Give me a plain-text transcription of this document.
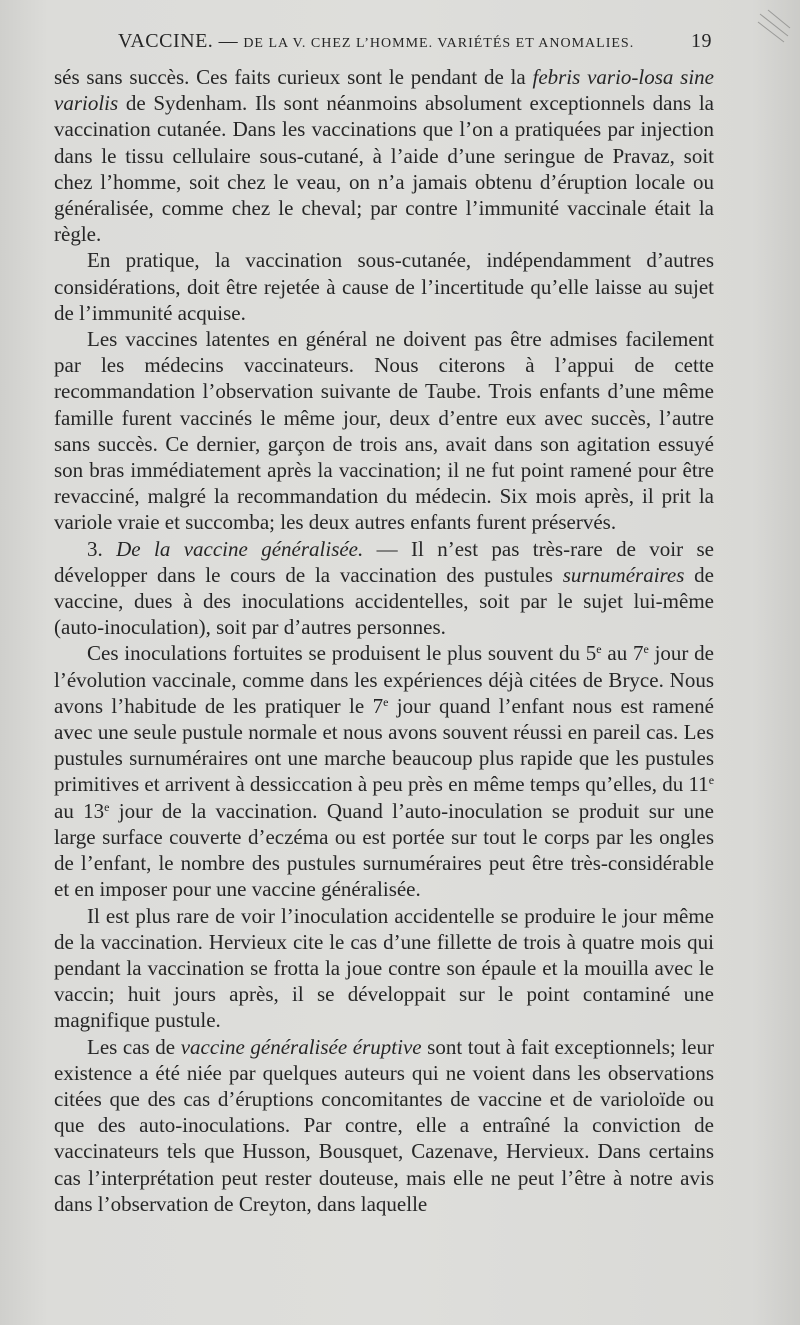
VACCINE. — DE LA V. CHEZ L’HOMME. VARIÉTÉS ET ANOMALIES.	19

sés sans succès. Ces faits curieux sont le pendant de la febris vario-losa sine variolis de Sydenham. Ils sont néanmoins absolument exceptionnels dans la vaccination cutanée. Dans les vaccinations que l’on a pratiquées par injection dans le tissu cellulaire sous-cutané, à l’aide d’une seringue de Pravaz, soit chez l’homme, soit chez le veau, on n’a jamais obtenu d’éruption locale ou généralisée, comme chez le cheval; par contre l’immunité vaccinale était la règle.

En pratique, la vaccination sous-cutanée, indépendamment d’autres considérations, doit être rejetée à cause de l’incertitude qu’elle laisse au sujet de l’immunité acquise.

Les vaccines latentes en général ne doivent pas être admises facilement par les médecins vaccinateurs. Nous citerons à l’appui de cette recommandation l’observation suivante de Taube. Trois enfants d’une même famille furent vaccinés le même jour, deux d’entre eux avec succès, l’autre sans succès. Ce dernier, garçon de trois ans, avait dans son agitation essuyé son bras immédiatement après la vaccination; il ne fut point ramené pour être revacciné, malgré la recommandation du médecin. Six mois après, il prit la variole vraie et succomba; les deux autres enfants furent préservés.

3. De la vaccine généralisée. — Il n’est pas très-rare de voir se développer dans le cours de la vaccination des pustules surnuméraires de vaccine, dues à des inoculations accidentelles, soit par le sujet lui-même (auto-inoculation), soit par d’autres personnes.

Ces inoculations fortuites se produisent le plus souvent du 5e au 7e jour de l’évolution vaccinale, comme dans les expériences déjà citées de Bryce. Nous avons l’habitude de les pratiquer le 7e jour quand l’enfant nous est ramené avec une seule pustule normale et nous avons souvent réussi en pareil cas. Les pustules surnuméraires ont une marche beaucoup plus rapide que les pustules primitives et arrivent à dessiccation à peu près en même temps qu’elles, du 11e au 13e jour de la vaccination. Quand l’auto-inoculation se produit sur une large surface couverte d’eczéma ou est portée sur tout le corps par les ongles de l’enfant, le nombre des pustules surnuméraires peut être très-considérable et en imposer pour une vaccine généralisée.

Il est plus rare de voir l’inoculation accidentelle se produire le jour même de la vaccination. Hervieux cite le cas d’une fillette de trois à quatre mois qui pendant la vaccination se frotta la joue contre son épaule et la mouilla avec le vaccin; huit jours après, il se développait sur le point contaminé une magnifique pustule.

Les cas de vaccine généralisée éruptive sont tout à fait exceptionnels; leur existence a été niée par quelques auteurs qui ne voient dans les observations citées que des cas d’éruptions concomitantes de vaccine et de varioloïde ou que des auto-inoculations. Par contre, elle a entraîné la conviction de vaccinateurs tels que Husson, Bousquet, Cazenave, Hervieux. Dans certains cas l’interprétation peut rester douteuse, mais elle ne peut l’être à notre avis dans l’observation de Creyton, dans laquelle
